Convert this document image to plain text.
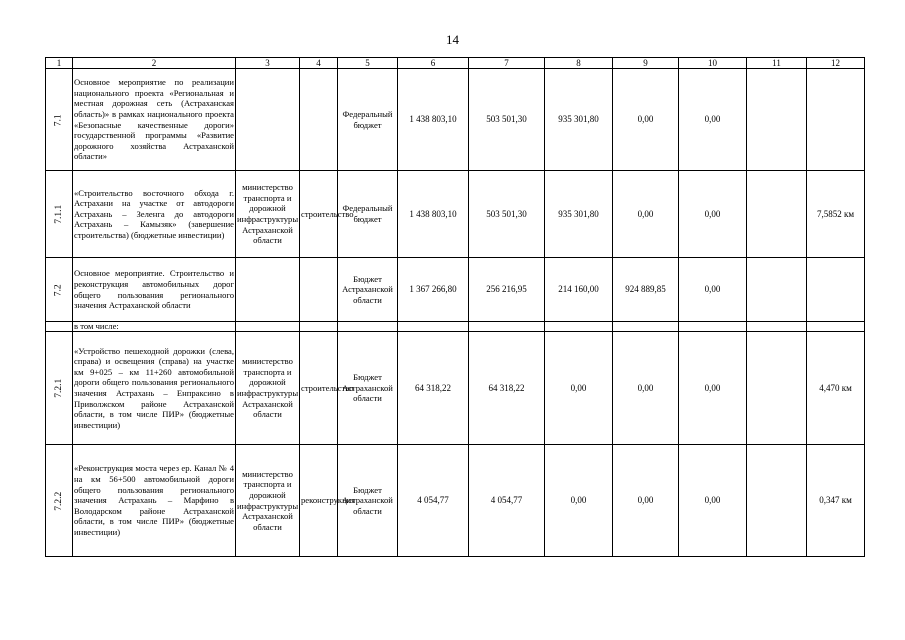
14
1	2	3	4	5	6	7	8	9	10	11	12
7.1	Основное мероприятие по реализации национального проекта «Региональная и местная дорожная сеть (Астраханская область)» в рамках национального проекта «Безопасные качественные дороги» государственной программы «Развитие дорожного хозяйства Астраханской области»			Федеральный бюджет	1 438 803,10	503 501,30	935 301,80	0,00	0,00		
7.1.1	«Строительство восточного обхода г. Астрахани на участке от автодороги Астрахань – Зеленга до автодороги Астрахань – Камызяк» (завершение строительства) (бюджетные инвестиции)	министерство транспорта и дорожной инфраструктуры Астраханской области	строительство	Федеральный бюджет	1 438 803,10	503 501,30	935 301,80	0,00	0,00		7,5852 км
7.2	Основное мероприятие. Строительство и реконструкция автомобильных дорог общего пользования регионального значения Астраханской области			Бюджет Астраханской области	1 367 266,80	256 216,95	214 160,00	924 889,85	0,00		
	в том числе:										
7.2.1	«Устройство пешеходной дорожки (слева, справа) и освещения (справа) на участке км 9+025 – км 11+260 автомобильной дороги общего пользования регионального значения Астрахань – Енпраксино в Приволжском районе Астраханской области, в том числе ПИР» (бюджетные инвестиции)	министерство транспорта и дорожной инфраструктуры Астраханской области	строительство	Бюджет Астраханской области	64 318,22	64 318,22	0,00	0,00	0,00		4,470 км
7.2.2	«Реконструкция моста через ер. Канал № 4 на км 56+500 автомобильной дороги общего пользования регионального значения Астрахань – Марфино в Володарском районе Астраханской области, в том числе ПИР» (бюджетные инвестиции)	министерство транспорта и дорожной инфраструктуры Астраханской области	реконструкция	Бюджет Астраханской области	4 054,77	4 054,77	0,00	0,00	0,00		0,347 км
